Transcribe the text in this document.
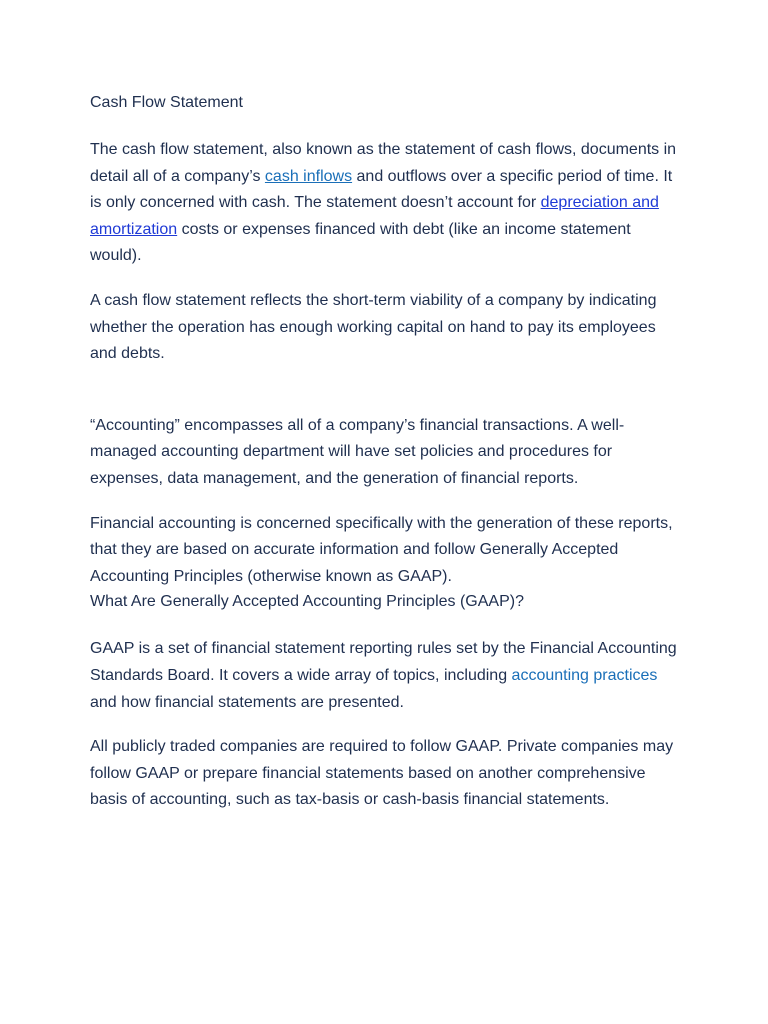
Cash Flow Statement

The cash flow statement, also known as the statement of cash flows, documents in detail all of a company’s cash inflows and outflows over a specific period of time. It is only concerned with cash. The statement doesn’t account for depreciation and amortization costs or expenses financed with debt (like an income statement would).

A cash flow statement reflects the short-term viability of a company by indicating whether the operation has enough working capital on hand to pay its employees and debts.

“Accounting” encompasses all of a company’s financial transactions. A well-managed accounting department will have set policies and procedures for expenses, data management, and the generation of financial reports.

Financial accounting is concerned specifically with the generation of these reports, that they are based on accurate information and follow Generally Accepted Accounting Principles (otherwise known as GAAP).

What Are Generally Accepted Accounting Principles (GAAP)?

GAAP is a set of financial statement reporting rules set by the Financial Accounting Standards Board. It covers a wide array of topics, including accounting practices and how financial statements are presented.

All publicly traded companies are required to follow GAAP. Private companies may follow GAAP or prepare financial statements based on another comprehensive basis of accounting, such as tax-basis or cash-basis financial statements.
